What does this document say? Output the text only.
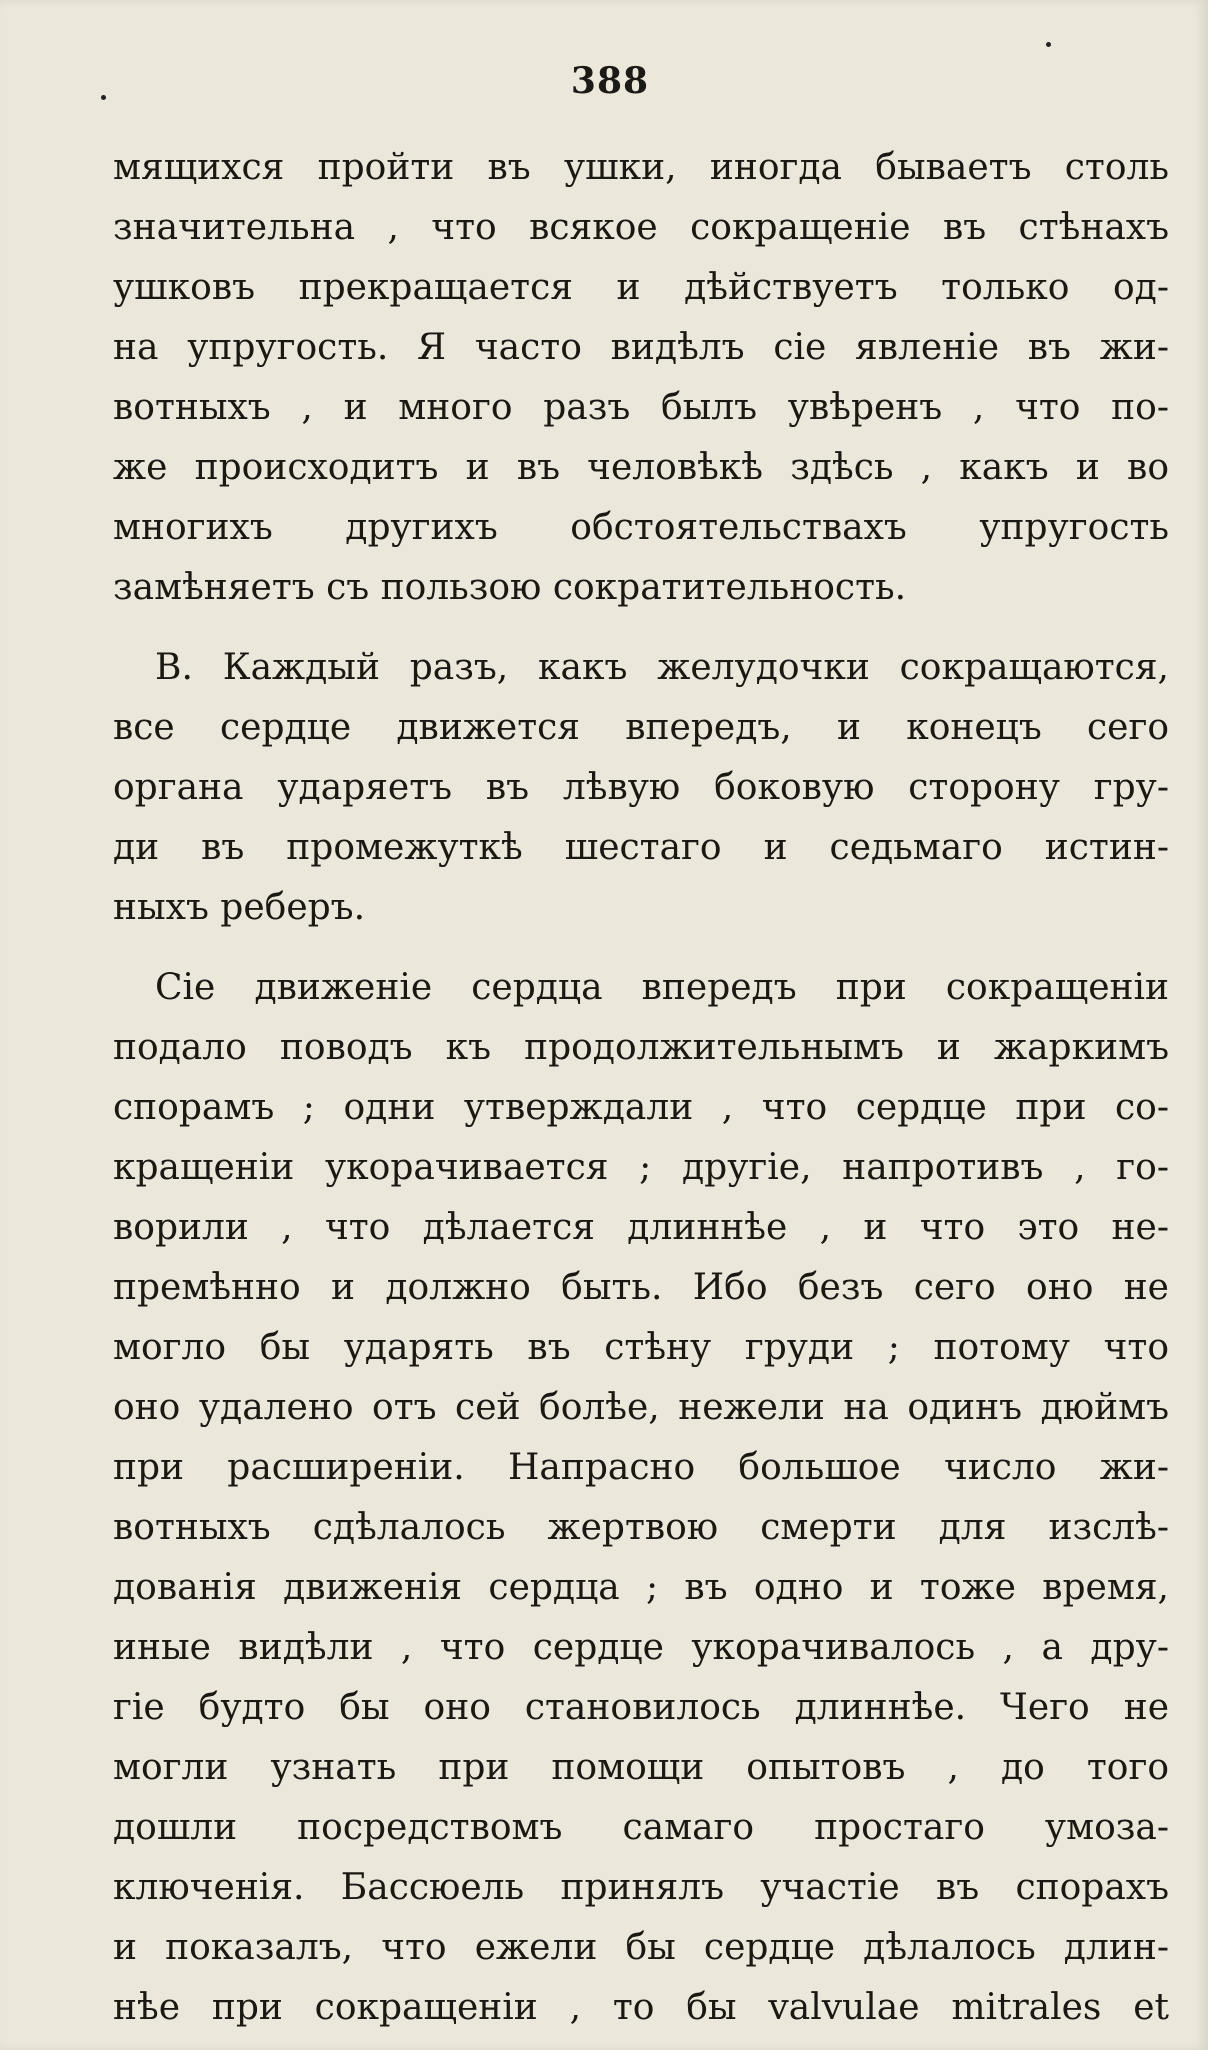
388
мящихся пройти въ ушки, иногда бываетъ столь
значительна , что всякое сокращеніе въ стѣнахъ
ушковъ прекращается и дѣйствуетъ только од-
на упругость. Я часто видѣлъ сіе явленіе въ жи-
вотныхъ , и много разъ былъ увѣренъ , что по-
же происходитъ и въ человѣкѣ здѣсь , какъ и во
многихъ другихъ обстоятельствахъ упругость
замѣняетъ съ пользою сократительность.
B. Каждый разъ, какъ желудочки сокращаются,
все сердце движется впередъ, и конецъ сего
органа ударяетъ въ лѣвую боковую сторону гру-
ди въ промежуткѣ шестаго и седьмаго истин-
ныхъ реберъ.
Сіе движеніе сердца впередъ при сокращеніи
подало поводъ къ продолжительнымъ и жаркимъ
спорамъ ; одни утверждали , что сердце при со-
кращеніи укорачивается ; другіе, напротивъ , го-
ворили , что дѣлается длиннѣе , и что это не-
премѣнно и должно быть. Ибо безъ сего оно не
могло бы ударять въ стѣну груди ; потому что
оно удалено отъ сей болѣе, нежели на одинъ дюймъ
при расширеніи. Напрасно большое число жи-
вотныхъ сдѣлалось жертвою смерти для изслѣ-
дованія движенія сердца ; въ одно и тоже время,
иные видѣли , что сердце укорачивалось , а дру-
гіе будто бы оно становилось длиннѣе. Чего не
могли узнать при помощи опытовъ , до того
дошли посредствомъ самаго простаго умоза-
ключенія. Бассюель принялъ участіе въ спорахъ
и показалъ, что ежели бы сердце дѣлалось длин-
нѣе при сокращеніи , то бы valvulae mitrales et
